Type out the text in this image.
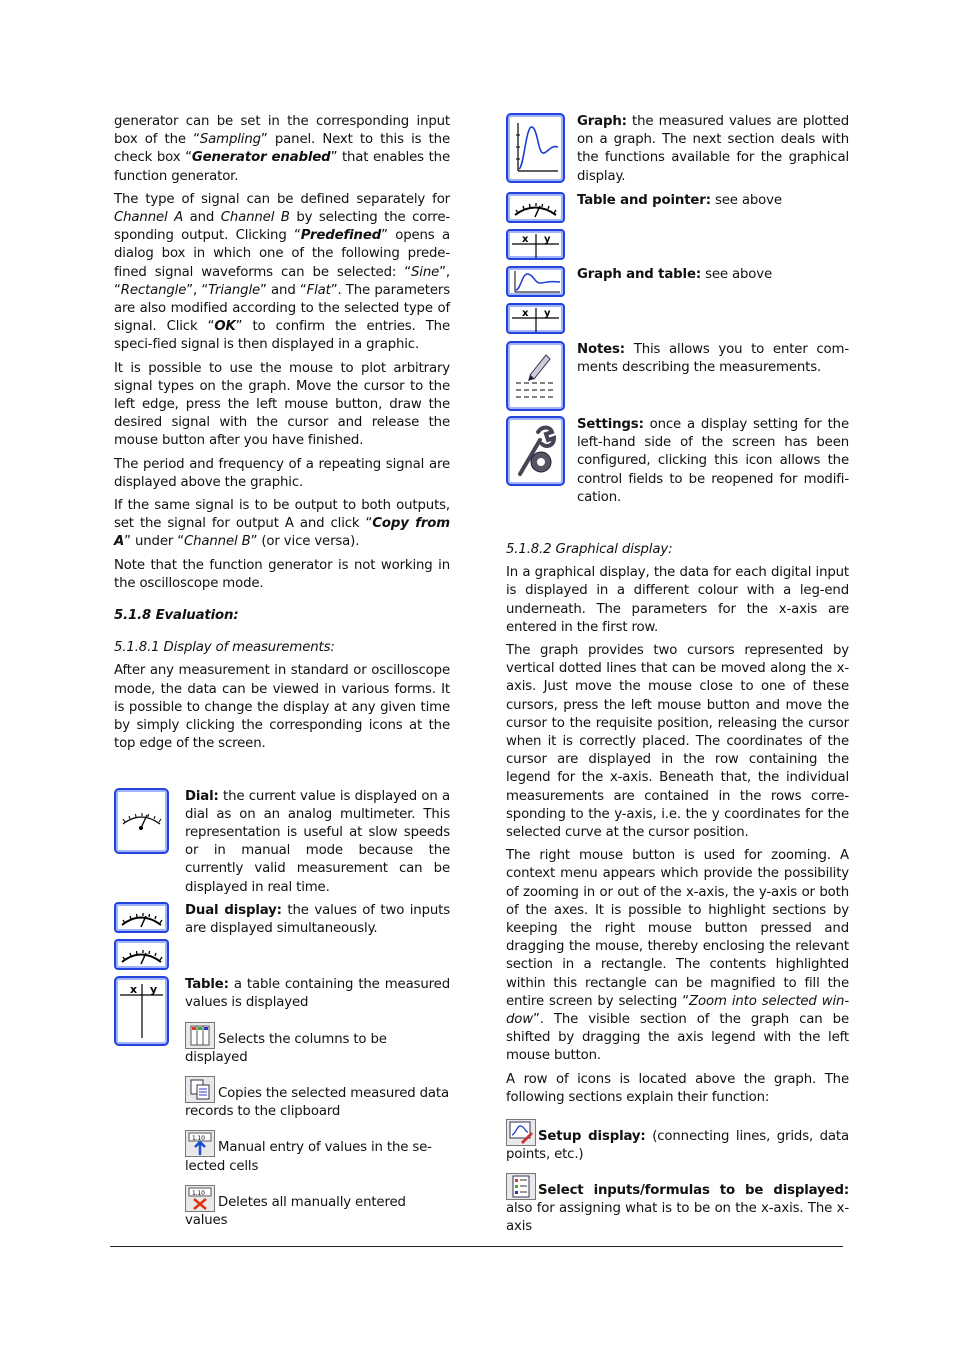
generator can be set in the corresponding input box of the “Sampling” panel. Next to this is the check box “Generator enabled” that enables the function generator.

The type of signal can be defined separately for Channel A and Channel B by selecting the corre-sponding output. Clicking “Predefined” opens a dialog box in which one of the following prede-fined signal waveforms can be selected: “Sine”, “Rectangle”, “Triangle” and “Flat”. The parameters are also modified according to the selected type of signal. Click “OK” to confirm the entries. The speci-fied signal is then displayed in a graphic.

It is possible to use the mouse to plot arbitrary signal types on the graph. Move the cursor to the left edge, press the left mouse button, draw the desired signal with the cursor and release the mouse button after you have finished.

The period and frequency of a repeating signal are displayed above the graphic.

If the same signal is to be output to both outputs, set the signal for output A and click “Copy from A” under “Channel B” (or vice versa).

Note that the function generator is not working in the oscilloscope mode.

5.1.8 Evaluation:
5.1.8.1 Display of measurements:

After any measurement in standard or oscilloscope mode, the data can be viewed in various forms. It is possible to change the display at any given time by simply clicking the corresponding icons at the top edge of the screen.

Dial: the current value is displayed on a dial as on an analog multimeter. This representation is useful at slow speeds or in manual mode because the currently valid measurement can be displayed in real time.
Dual display: the values of two inputs are displayed simultaneously.
x y Table: a table containing the measured values is displayed
Selects the columns to be displayed
Copies the selected measured data records to the clipboard
1.10
Manual entry of values in the se-lected cells
1.10
Deletes all manually entered values
Graph: the measured values are plotted on a graph. The next section deals with the functions available for the graphical display.
x y
Table and pointer: see above
x y
Graph and table: see above
Notes: This allows you to enter com-ments describing the measurements.
Settings: once a display setting for the left-hand side of the screen has been configured, clicking this icon allows the control fields to be reopened for modifi-cation.
5.1.8.2 Graphical display:

In a graphical display, the data for each digital input is displayed in a different colour with a leg-end underneath. The parameters for the x-axis are entered in the first row.

The graph provides two cursors represented by vertical dotted lines that can be moved along the x-axis. Just move the mouse close to one of these cursors, press the left mouse button and move the cursor to the requisite position, releasing the cursor when it is correctly placed. The coordinates of the cursor are displayed in the row containing the legend for the x-axis. Beneath that, the individual measurements are contained in the rows corre-sponding to the y-axis, i.e. the y coordinates for the selected curve at the cursor position.

The right mouse button is used for zooming. A context menu appears which provide the possibility of zooming in or out of the x-axis, the y-axis or both of the axes. It is possible to highlight sections by keeping the right mouse button pressed and dragging the mouse, thereby enclosing the relevant section in a rectangle. The contents highlighted within this rectangle can be magnified to fill the entire screen by selecting “Zoom into selected win-dow”. The visible section of the graph can be shifted by dragging the axis legend with the left mouse button.

A row of icons is located above the graph. The following sections explain their function:

Setup display: (connecting lines, grids, data points, etc.)

Select inputs/formulas to be displayed: also for assigning what is to be on the x-axis. The x-axis
